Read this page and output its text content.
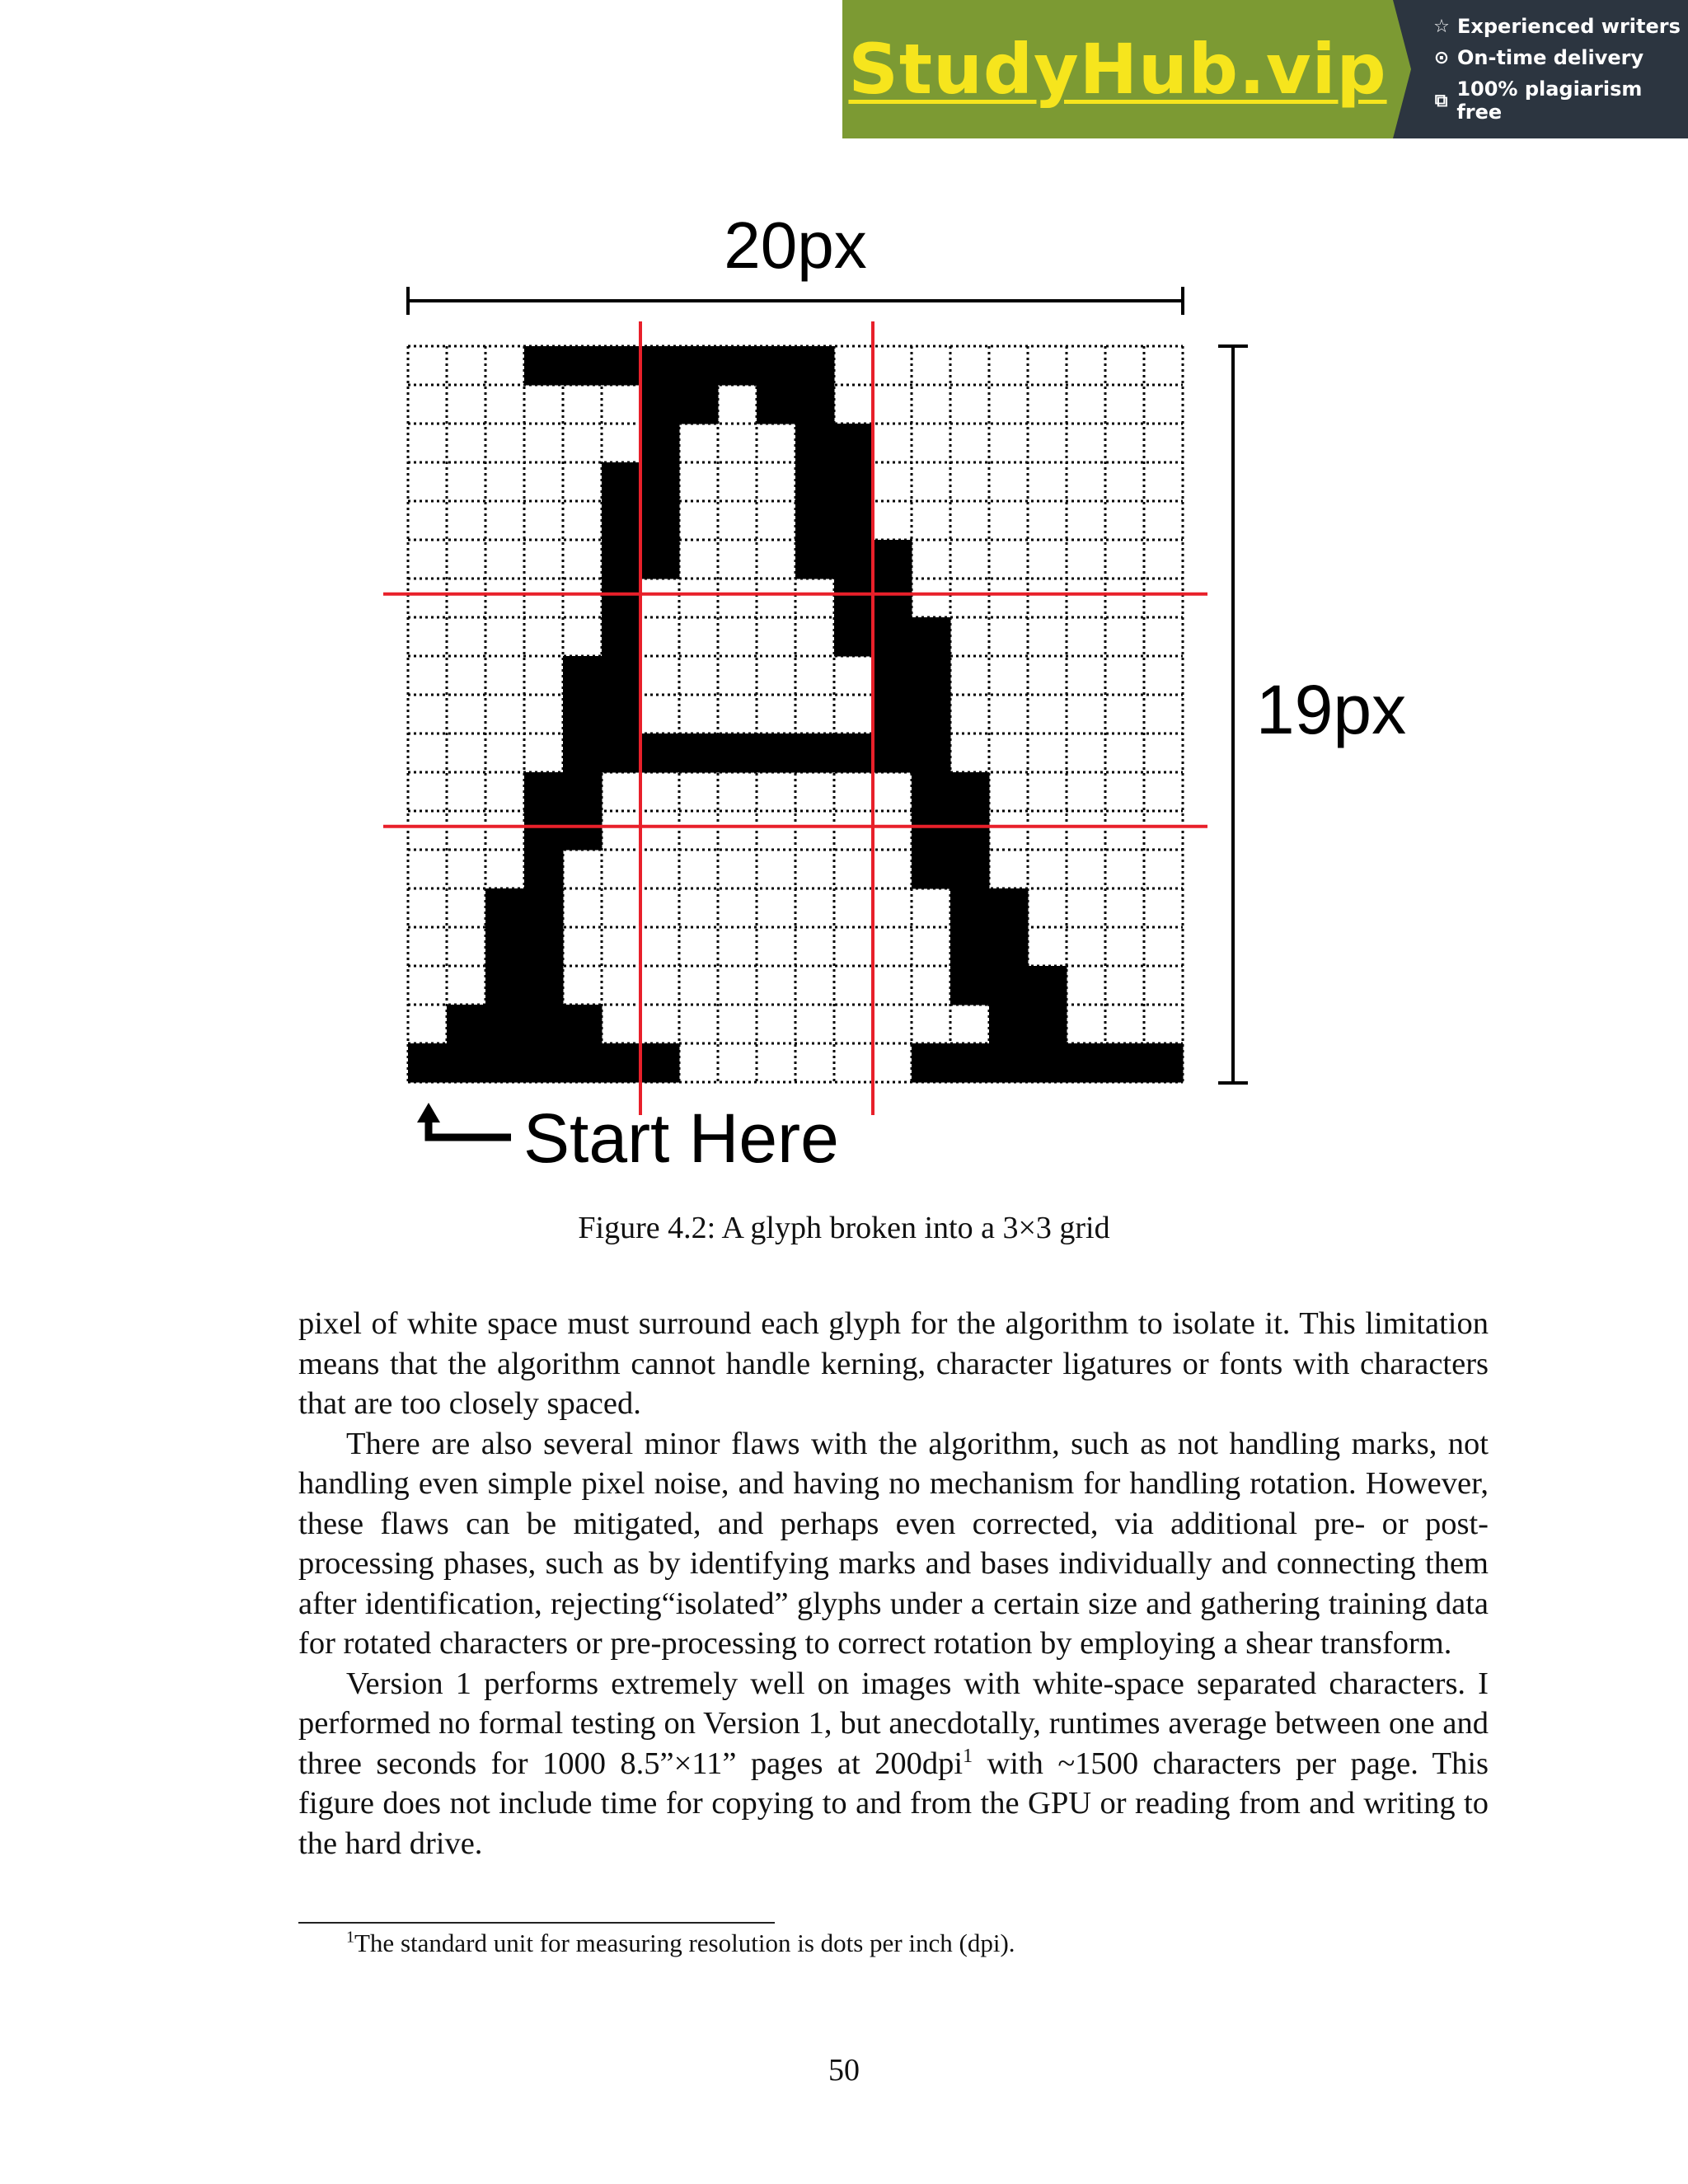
StudyHub.vip
☆ Experienced writers
⊙ On-time delivery
⧉ 100% plagiarism free
20px
19px
Start Here
Figure 4.2: A glyph broken into a 3×3 grid

pixel of white space must surround each glyph for the algorithm to isolate it. This limitation means that the algorithm cannot handle kerning, character ligatures or fonts with characters that are too closely spaced.

There are also several minor flaws with the algorithm, such as not handling marks, not handling even simple pixel noise, and having no mechanism for handling rotation. However, these flaws can be mitigated, and perhaps even corrected, via additional pre- or post-processing phases, such as by identifying marks and bases individually and connecting them after identification, rejecting“isolated” glyphs under a certain size and gathering training data for rotated characters or pre-processing to correct rotation by employing a shear transform.

Version 1 performs extremely well on images with white-space separated characters. I performed no formal testing on Version 1, but anecdotally, runtimes average between one and three seconds for 1000 8.5”×11” pages at 200dpi$^1$ with ~1500 characters per page. This figure does not include time for copying to and from the GPU or reading from and writing to the hard drive.

$^1$The standard unit for measuring resolution is dots per inch (dpi).
50
